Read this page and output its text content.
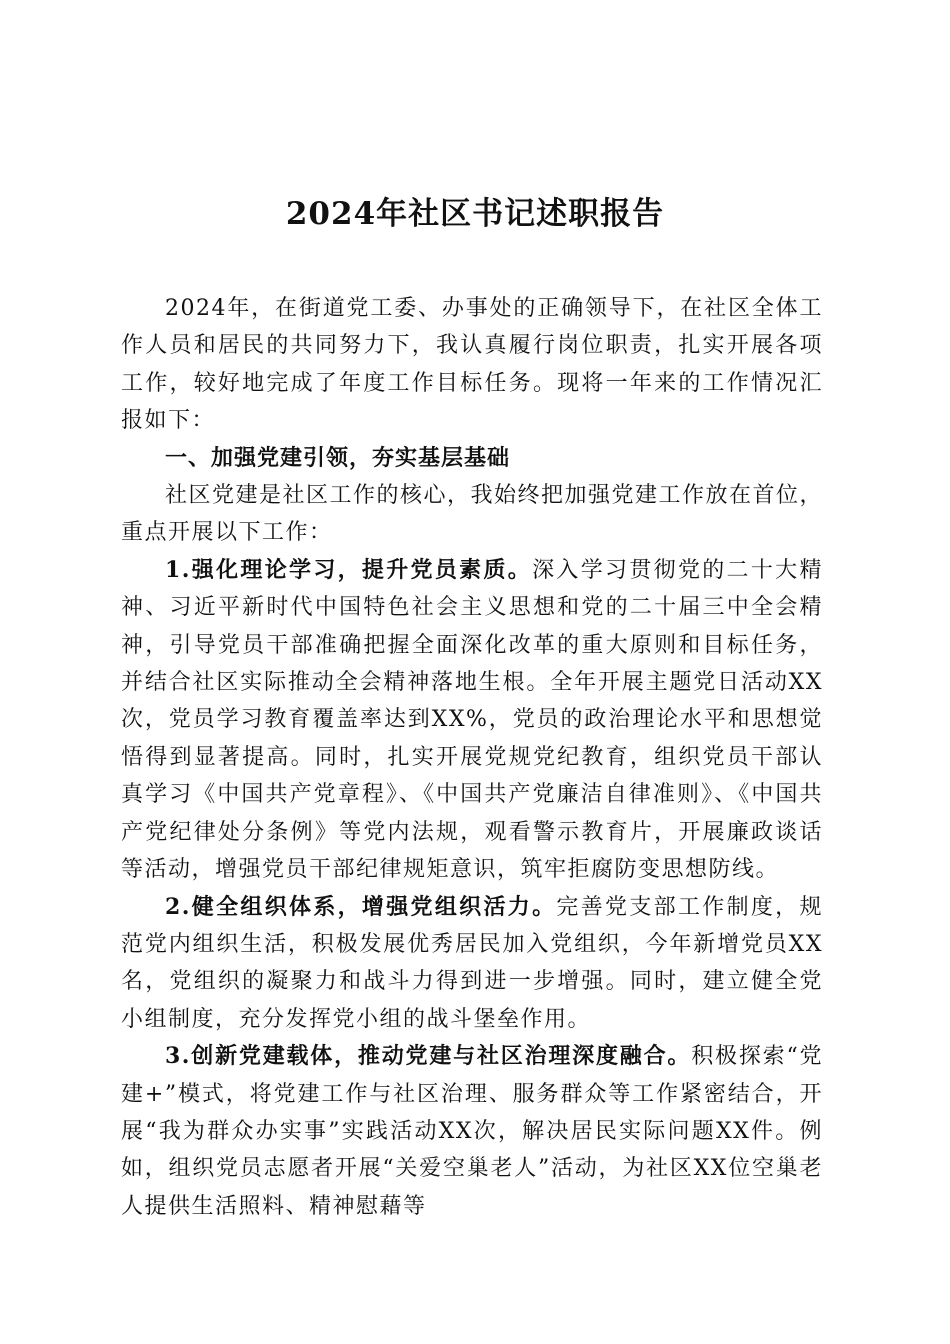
2024年社区书记述职报告

2024年，在街道党工委、办事处的正确领导下，在社区全体工作人员和居民的共同努力下，我认真履行岗位职责，扎实开展各项工作，较好地完成了年度工作目标任务。现将一年来的工作情况汇报如下：

一、加强党建引领，夯实基层基础

社区党建是社区工作的核心，我始终把加强党建工作放在首位，重点开展以下工作：

1.强化理论学习，提升党员素质。深入学习贯彻党的二十大精神、习近平新时代中国特色社会主义思想和党的二十届三中全会精神，引导党员干部准确把握全面深化改革的重大原则和目标任务，并结合社区实际推动全会精神落地生根。全年开展主题党日活动XX次，党员学习教育覆盖率达到XX%，党员的政治理论水平和思想觉悟得到显著提高。同时，扎实开展党规党纪教育，组织党员干部认真学习《中国共产党章程》、《中国共产党廉洁自律准则》、《中国共产党纪律处分条例》等党内法规，观看警示教育片，开展廉政谈话等活动，增强党员干部纪律规矩意识，筑牢拒腐防变思想防线。

2.健全组织体系，增强党组织活力。完善党支部工作制度，规范党内组织生活，积极发展优秀居民加入党组织，今年新增党员XX名，党组织的凝聚力和战斗力得到进一步增强。同时，建立健全党小组制度，充分发挥党小组的战斗堡垒作用。

3.创新党建载体，推动党建与社区治理深度融合。积极探索“党建+”模式，将党建工作与社区治理、服务群众等工作紧密结合，开展“我为群众办实事”实践活动XX次，解决居民实际问题XX件。例如，组织党员志愿者开展“关爱空巢老人”活动，为社区XX位空巢老人提供生活照料、精神慰藉等
